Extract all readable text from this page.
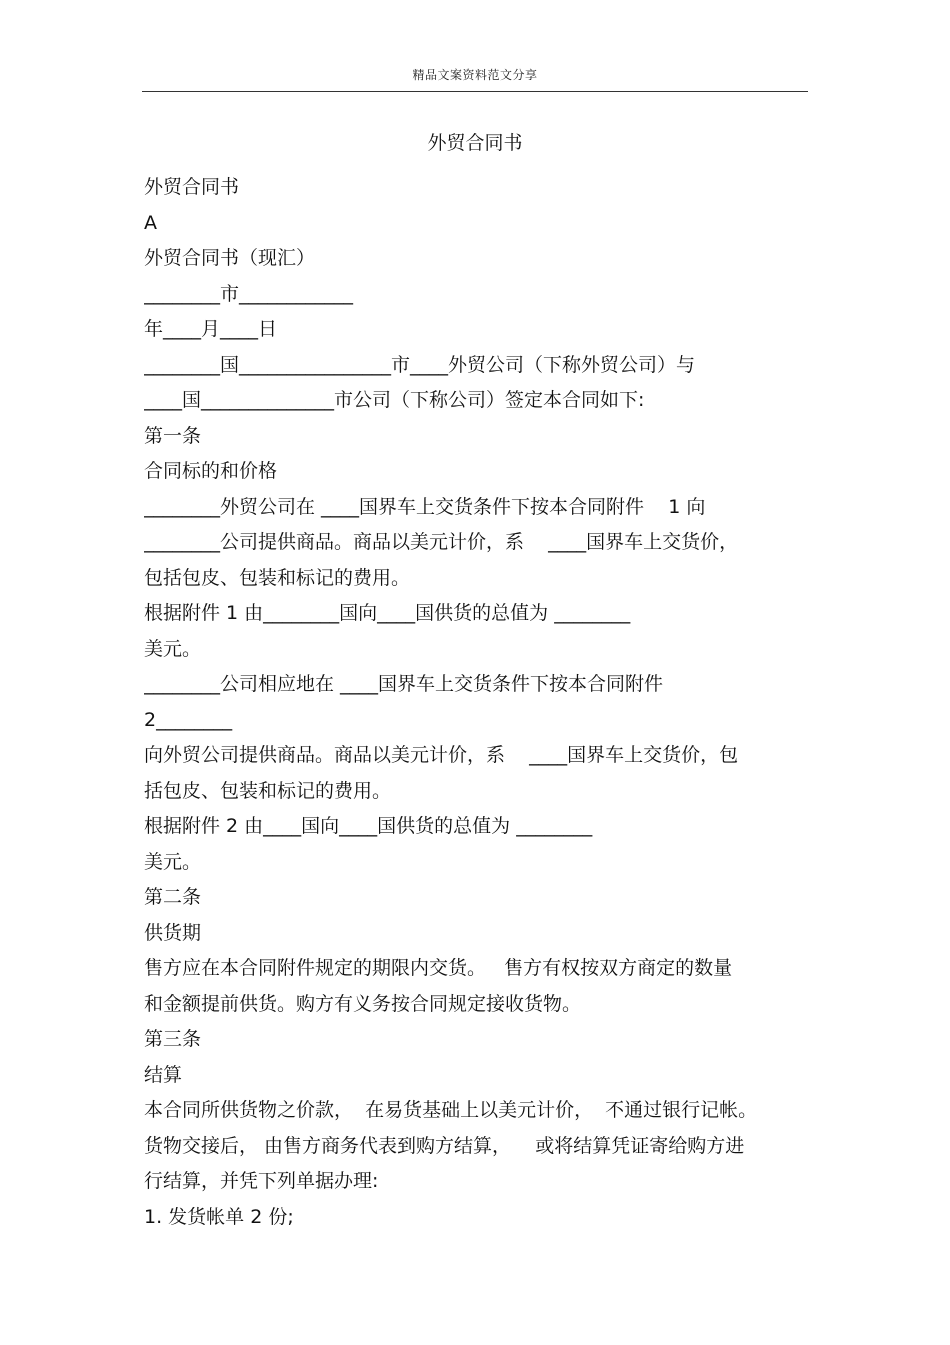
精品文案资料范文分享
外贸合同书
外贸合同书
A
外贸合同书（现汇）
________市____________
年____月____日
________国________________市____外贸公司（下称外贸公司）与
____国______________市公司（下称公司）签定本合同如下:
第一条
合同标的和价格
________外贸公司在 ____国界车上交货条件下按本合同附件    1 向
________公司提供商品。商品以美元计价，系    ____国界车上交货价，
包括包皮、包装和标记的费用。
根据附件 1 由________国向____国供货的总值为 ________
美元。
________公司相应地在 ____国界车上交货条件下按本合同附件
2________
向外贸公司提供商品。商品以美元计价，系    ____国界车上交货价，包
括包皮、包装和标记的费用。
根据附件 2 由____国向____国供货的总值为 ________
美元。
第二条
供货期
售方应在本合同附件规定的期限内交货。   售方有权按双方商定的数量
和金额提前供货。购方有义务按合同规定接收货物。
第三条
结算
本合同所供货物之价款，  在易货基础上以美元计价，  不通过银行记帐。
货物交接后， 由售方商务代表到购方结算，    或将结算凭证寄给购方进
行结算，并凭下列单据办理:
1. 发货帐单 2 份;
